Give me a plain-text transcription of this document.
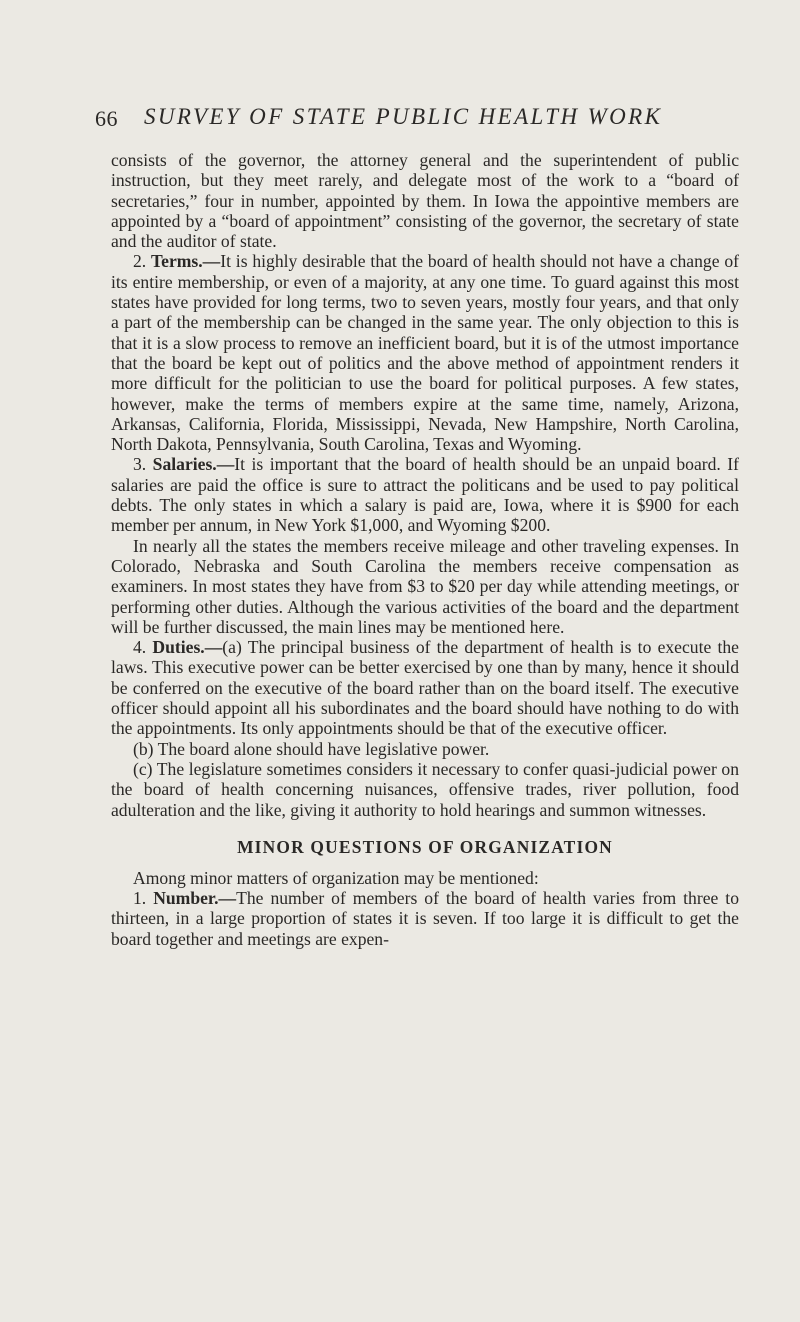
66 SURVEY OF STATE PUBLIC HEALTH WORK

consists of the governor, the attorney general and the superintendent of public instruction, but they meet rarely, and delegate most of the work to a “board of secretaries,” four in number, appointed by them. In Iowa the appointive members are appointed by a “board of appointment” consisting of the governor, the secretary of state and the auditor of state.

2. Terms.—It is highly desirable that the board of health should not have a change of its entire membership, or even of a majority, at any one time. To guard against this most states have provided for long terms, two to seven years, mostly four years, and that only a part of the membership can be changed in the same year. The only objection to this is that it is a slow process to remove an inefficient board, but it is of the utmost importance that the board be kept out of politics and the above method of appointment renders it more difficult for the politician to use the board for political purposes. A few states, however, make the terms of members expire at the same time, namely, Arizona, Arkansas, California, Florida, Mississippi, Nevada, New Hampshire, North Carolina, North Dakota, Pennsylvania, South Carolina, Texas and Wyoming.

3. Salaries.—It is important that the board of health should be an unpaid board. If salaries are paid the office is sure to attract the politicans and be used to pay political debts. The only states in which a salary is paid are, Iowa, where it is $900 for each member per annum, in New York $1,000, and Wyoming $200.

In nearly all the states the members receive mileage and other traveling expenses. In Colorado, Nebraska and South Carolina the members receive compensation as examiners. In most states they have from $3 to $20 per day while attending meetings, or performing other duties. Although the various activities of the board and the department will be further discussed, the main lines may be mentioned here.

4. Duties.—(a) The principal business of the department of health is to execute the laws. This executive power can be better exercised by one than by many, hence it should be conferred on the executive of the board rather than on the board itself. The executive officer should appoint all his subordinates and the board should have nothing to do with the appointments. Its only appointments should be that of the executive officer.

(b) The board alone should have legislative power.

(c) The legislature sometimes considers it necessary to confer quasi-judicial power on the board of health concerning nuisances, offensive trades, river pollution, food adulteration and the like, giving it authority to hold hearings and summon witnesses.

MINOR QUESTIONS OF ORGANIZATION

Among minor matters of organization may be mentioned:

1. Number.—The number of members of the board of health varies from three to thirteen, in a large proportion of states it is seven. If too large it is difficult to get the board together and meetings are expen-
